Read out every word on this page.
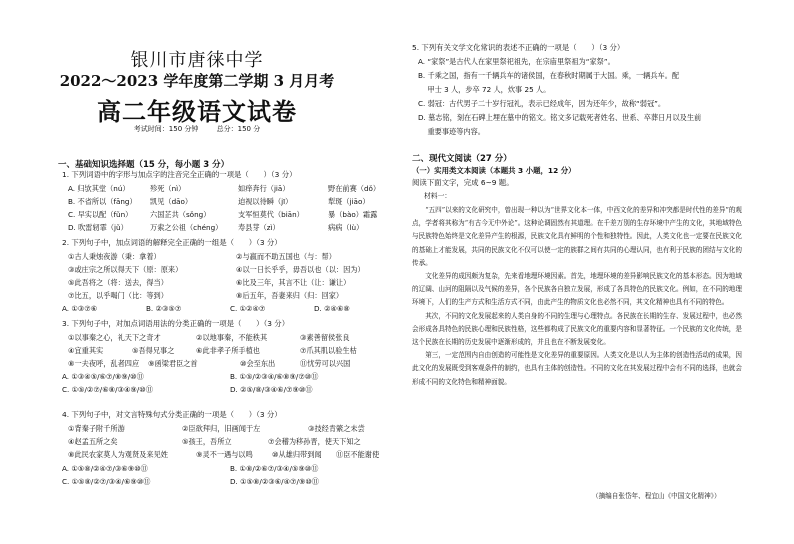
银川市唐徕中学
2022～2023 学年度第二学期 3 月月考
高二年级语文试卷
考试时间：150 分钟	总分：150 分
一、基础知识选择题（15 分，每小题 3 分）
1. 下列词语中的字形与加点字的注音完全正确的一项是（　　）（3 分）
A. 归欤其堂（nú）	殄死（nì）	如痒奔行（jiā）	野在前赛（dǒ）
B. 不省所以（fāng） 凯见（dāo）	迫视以待瞬（jī）	犁斑（jiāo）
C. 早实以配（fǔn） 六国芷共（sǒng）	支军恒莫代（biān）	暴（bào）霜露
D. 吹雷轫霏（jǔ）	万索之公祖（chéng） 寿县芽（zì）	病病（lù）
2. 下列句子中，加点词语的解释完全正确的一组是（　　）（3 分）
①古人秉烛夜游（秉：拿着）	②与嬴而不助五国也（与：帮）
③或庄宗之所以得天下（原：原来）	④以一日长乎乎，毋吾以也（以：因为）
⑤此吾将之（将：送去，得当）	⑥比及三年，其言不让（让：谦让）
⑦比五，以乎喝门（比：等到）	⑧后五年，吾妻来归（归：回家）
A. ①③⑦⑥	B. ②③⑤⑦	C. ①②④⑦	D. ②④⑥⑧
3. 下列句子中，对加点词语用法的分类正确的一项是（　　）（3 分）
①以事秦之心，礼天下之奇才	②以地事秦，不能秩其	③素善留侯张良
④宜重其实	⑤吾得兄事之	⑥此非孝子所手植也	⑦爪其肌以验生枯
⑧一夫夜呼，乱者四应 ⑨函梁君臣之首	⑩会至东出	⑪忧劳可以兴国
A. ①③④⑤/⑥⑦/⑧⑨/⑩⑪	B. ①⑤/②③④/⑥⑧⑨/⑦⑩⑪
C. ①⑤/②⑦/⑥⑧/③④⑨/⑩⑪	D. ②⑤/⑧/③④⑥/⑦⑨⑩⑪
4. 下列句子中，对文言特殊句式分类正确的一项是（　　）（3 分）
①背秦子附千所游	②臣欲拜归，旧画闻于左	③技经肯綮之未尝
④赵孟五所之矣	⑤孩王，吾所立	⑦会稽为移孙晋，使天下知之
⑧此民农家莫人为观贤及来见姓	⑨灵不一遇与以鸣	⑩从雄归带到闻 ⑪臣不能谢使
A. ①⑤⑧/②④⑦/③⑥⑨⑩⑪	B. ①⑧/②⑥⑦/③④/⑤⑨⑩⑪
C. ①⑤⑧/②⑦/③④/⑥⑨⑩⑪	D. ①⑤⑧/②③⑥/④⑦/⑨⑩⑪
5. 下列有关文学文化常识的表述不正确的一项是（　　）（3 分）
A. “家祭”是古代人在家里祭祀祖先，在宗庙里祭祖为“家祭”。
B. 千乘之国，指有一千辆兵车的诸侯国，在春秋时期属于大国。乘，一辆兵车。配
　 甲士 3 人，步卒 72 人，炊事 25 人。
C. 弱冠：古代男子二十岁行冠礼，表示已经成年，因为还年少，故称“弱冠”。
D. 墓志铭，刻在石碑上埋在墓中的铭文。铭文多记载死者姓名、世系、卒葬日月以及生前
　 重要事迹等内容。
二、现代文阅读（27 分）
（一）实用类文本阅读（本题共 3 小题，12 分）
阅读下面文字，完成 6~9 题。
材料一：

“五四”以来的文化研究中，曾出现一种以为“世界文化本一体，中西文化的差异和冲突都是时代性的差异”的观点，学者将其称为“有古今无中外论”。这种论调固然有其道理。在千差万别的生存环境中产生的文化，其地域特色与民族特色始终是文化差异产生的根源，民族文化具有鲜明的个性和独特性。因此，人类文化也一定要在民族文化的基础上才能发展，共同的民族文化不仅可以使一定的族群之间有共同的心理认同，也有利于民族的团结与文化的传承。

文化差异的成因颇为复杂，先来看地理环境因素。首先，地理环境的差异影响民族文化的基本形态。因为地域的辽阔、山河的阻隔以及气候的差异，各个民族各自独立发展，形成了各具特色的民族文化。例如，在不同的地理环境下，人们的生产方式和生活方式不同，由此产生的物质文化也必然不同，其文化精神也具有不同的特色。

其次，不同的文化发展起来的人类自身的不同的生理与心理特点。各民族在长期的生存、发展过程中，也必然会形成各具特色的民族心理和民族性格，这些都构成了民族文化的重要内容和显著特征。一个民族的文化传统，是这个民族在长期的历史发展中逐渐形成的，并且也在不断发展变化。

第三，一定范围内自由创造的可能性是文化差异的重要原因。人类文化是以人为主体的创造性活动的成果，因此文化的发展既受到客观条件的制约，也具有主体的创造性。不同的文化在其发展过程中会有不同的选择，也就会形成不同的文化特色和精神面貌。

（摘编自张岱年、程宜山《中国文化精神》）
